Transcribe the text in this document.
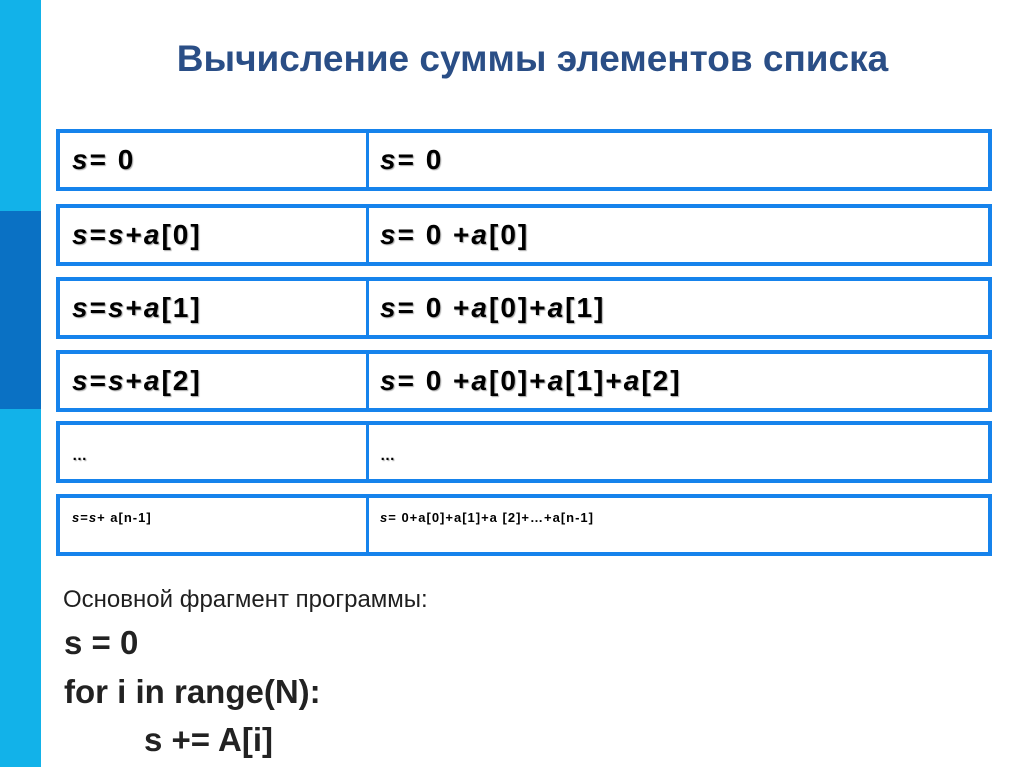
Вычисление суммы элементов списка
s = 0	s = 0
s = s + a [0]	s = 0 + a [0]
s = s + a [1]	s = 0 + a [0]+ a [1]
s = s + a [2]	s = 0 + a [0]+ a [1]+ a [2]
…	…
s = s + a[n-1]	s = 0+a[0]+a[1]+a [2]+…+a[n-1]
Основной фрагмент программы:
s = 0
for i in range(N):
s += A[i]
